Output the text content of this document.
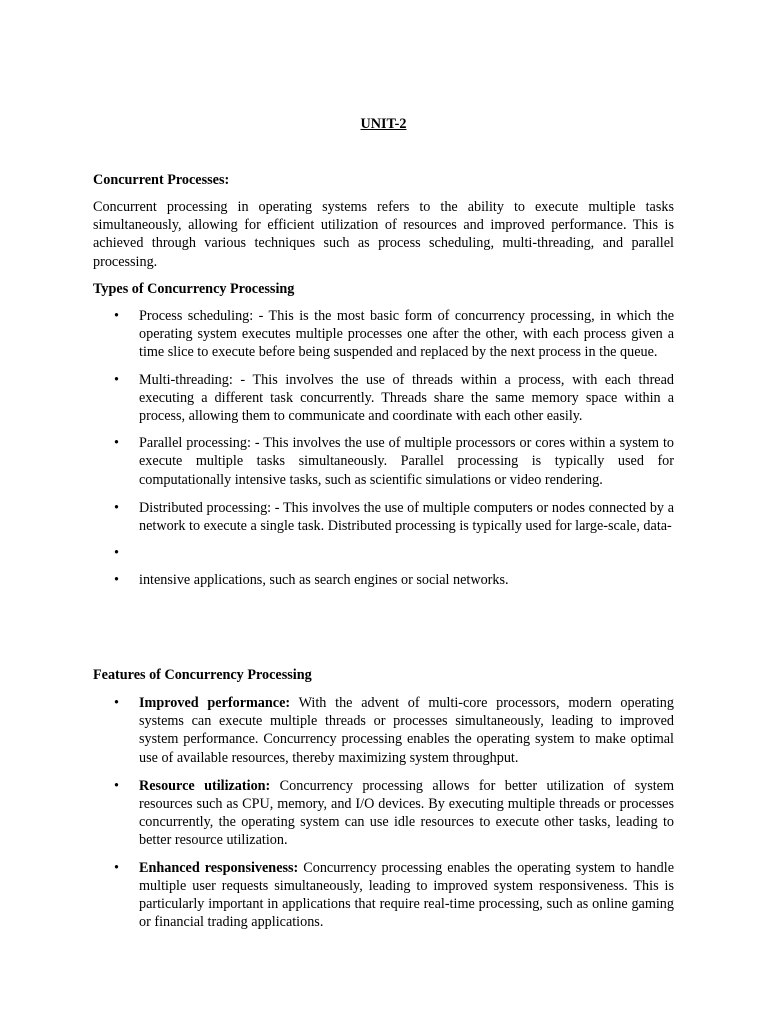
UNIT-2

Concurrent Processes:

Concurrent processing in operating systems refers to the ability to execute multiple tasks simultaneously, allowing for efficient utilization of resources and improved performance. This is achieved through various techniques such as process scheduling, multi-threading, and parallel processing.

Types of Concurrency Processing

• Process scheduling: - This is the most basic form of concurrency processing, in which the operating system executes multiple processes one after the other, with each process given a time slice to execute before being suspended and replaced by the next process in the queue.
• Multi-threading: - This involves the use of threads within a process, with each thread executing a different task concurrently. Threads share the same memory space within a process, allowing them to communicate and coordinate with each other easily.
• Parallel processing: - This involves the use of multiple processors or cores within a system to execute multiple tasks simultaneously. Parallel processing is typically used for computationally intensive tasks, such as scientific simulations or video rendering.
• Distributed processing: - This involves the use of multiple computers or nodes connected by a network to execute a single task. Distributed processing is typically used for large-scale, data-
•
• intensive applications, such as search engines or social networks.

Features of Concurrency Processing

• Improved performance: With the advent of multi-core processors, modern operating systems can execute multiple threads or processes simultaneously, leading to improved system performance. Concurrency processing enables the operating system to make optimal use of available resources, thereby maximizing system throughput.
• Resource utilization: Concurrency processing allows for better utilization of system resources such as CPU, memory, and I/O devices. By executing multiple threads or processes concurrently, the operating system can use idle resources to execute other tasks, leading to better resource utilization.
• Enhanced responsiveness: Concurrency processing enables the operating system to handle multiple user requests simultaneously, leading to improved system responsiveness. This is particularly important in applications that require real-time processing, such as online gaming or financial trading applications.
